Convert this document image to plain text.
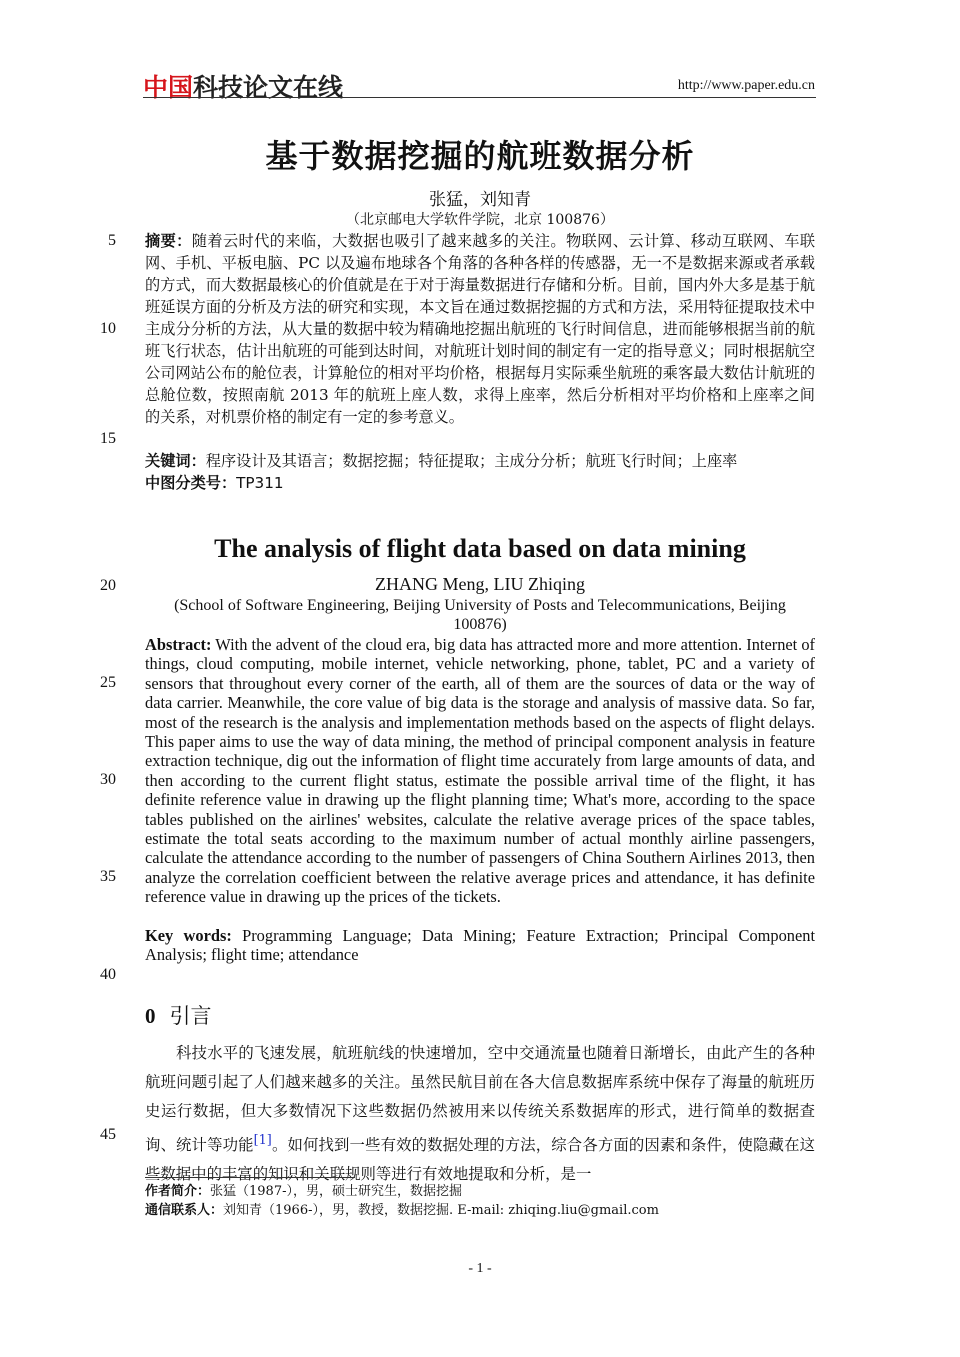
中国科技论文在线	http://www.paper.edu.cn
5
10
15
20
25
30
35
40
45
基于数据挖掘的航班数据分析
张猛，刘知青
（北京邮电大学软件学院，北京 100876）
摘要：随着云时代的来临，大数据也吸引了越来越多的关注。物联网、云计算、移动互联网、车联网、手机、平板电脑、PC 以及遍布地球各个角落的各种各样的传感器，无一不是数据来源或者承载的方式，而大数据最核心的价值就是在于对于海量数据进行存储和分析。目前，国内外大多是基于航班延误方面的分析及方法的研究和实现，本文旨在通过数据挖掘的方式和方法，采用特征提取技术中主成分分析的方法，从大量的数据中较为精确地挖掘出航班的飞行时间信息，进而能够根据当前的航班飞行状态，估计出航班的可能到达时间，对航班计划时间的制定有一定的指导意义；同时根据航空公司网站公布的舱位表，计算舱位的相对平均价格，根据每月实际乘坐航班的乘客最大数估计航班的总舱位数，按照南航 2013 年的航班上座人数，求得上座率，然后分析相对平均价格和上座率之间的关系，对机票价格的制定有一定的参考意义。
关键词：程序设计及其语言；数据挖掘；特征提取；主成分分析；航班飞行时间；上座率
中图分类号：TP311
The analysis of flight data based on data mining
ZHANG Meng, LIU Zhiqing
(School of Software Engineering, Beijing University of Posts and Telecommunications, Beijing 100876)
Abstract: With the advent of the cloud era, big data has attracted more and more attention. Internet of things, cloud computing, mobile internet, vehicle networking, phone, tablet, PC and a variety of sensors that throughout every corner of the earth, all of them are the sources of data or the way of data carrier. Meanwhile, the core value of big data is the storage and analysis of massive data. So far, most of the research is the analysis and implementation methods based on the aspects of flight delays. This paper aims to use the way of data mining, the method of principal component analysis in feature extraction technique, dig out the information of flight time accurately from large amounts of data, and then according to the current flight status, estimate the possible arrival time of the flight, it has definite reference value in drawing up the flight planning time; What's more, according to the space tables published on the airlines' websites, calculate the relative average prices of the space tables, estimate the total seats according to the maximum number of actual monthly airline passengers, calculate the attendance according to the number of passengers of China Southern Airlines 2013, then analyze the correlation coefficient between the relative average prices and attendance, it has definite reference value in drawing up the prices of the tickets.
Key words: Programming Language; Data Mining; Feature Extraction; Principal Component Analysis; flight time; attendance
0 引言
科技水平的飞速发展，航班航线的快速增加，空中交通流量也随着日渐增长，由此产生的各种航班问题引起了人们越来越多的关注。虽然民航目前在各大信息数据库系统中保存了海量的航班历史运行数据，但大多数情况下这些数据仍然被用来以传统关系数据库的形式，进行简单的数据查询、统计等功能[1]。如何找到一些有效的数据处理的方法，综合各方面的因素和条件，使隐藏在这些数据中的丰富的知识和关联规则等进行有效地提取和分析，是一
作者简介：张猛（1987-），男，硕士研究生，数据挖掘
通信联系人：刘知青（1966-），男，教授，数据挖掘. E-mail: zhiqing.liu@gmail.com
- 1 -
